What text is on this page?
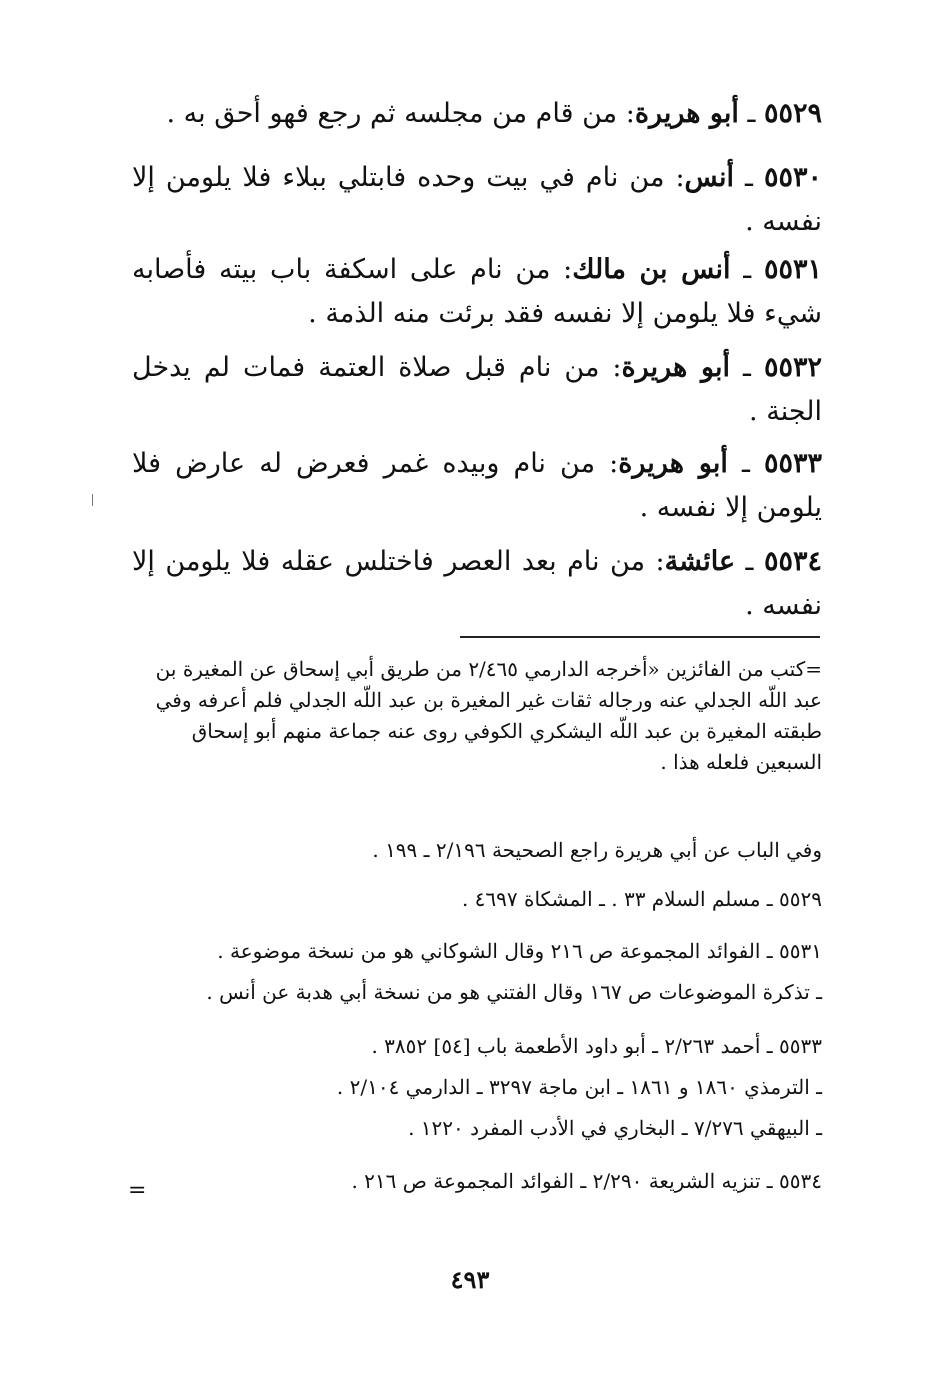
٥٥٢٩ ـ أبو هريرة: من قام من مجلسه ثم رجع فهو أحق به .
٥٥٣٠ ـ أنس: من نام في بيت وحده فابتلي ببلاء فلا يلومن إلا نفسه .
٥٥٣١ ـ أنس بن مالك: من نام على اسكفة باب بيته فأصابه شيء فلا يلومن إلا نفسه فقد برئت منه الذمة .
٥٥٣٢ ـ أبو هريرة: من نام قبل صلاة العتمة فمات لم يدخل الجنة .
٥٥٣٣ ـ أبو هريرة: من نام وبيده غمر فعرض له عارض فلا يلومن إلا نفسه .
٥٥٣٤ ـ عائشة: من نام بعد العصر فاختلس عقله فلا يلومن إلا نفسه .
=كتب من الفائزين «أخرجه الدارمي ٢/٤٦٥ من طريق أبي إسحاق عن المغيرة بن عبد اللّه الجدلي عنه ورجاله ثقات غير المغيرة بن عبد اللّه الجدلي فلم أعرفه وفي طبقته المغيرة بن عبد اللّه اليشكري الكوفي روى عنه جماعة منهم أبو إسحاق السبعين فلعله هذا .
وفي الباب عن أبي هريرة راجع الصحيحة ٢/١٩٦ ـ ١٩٩ .
٥٥٢٩ ـ مسلم السلام ٣٣ . ـ المشكاة ٤٦٩٧ .
٥٥٣١ ـ الفوائد المجموعة ص ٢١٦ وقال الشوكاني هو من نسخة موضوعة .
ـ تذكرة الموضوعات ص ١٦٧ وقال الفتني هو من نسخة أبي هدبة عن أنس .
٥٥٣٣ ـ أحمد ٢/٢٦٣ ـ أبو داود الأطعمة باب [٥٤] ٣٨٥٢ .
ـ الترمذي ١٨٦٠ و ١٨٦١ ـ ابن ماجة ٣٢٩٧ ـ الدارمي ٢/١٠٤ .
ـ البيهقي ٧/٢٧٦ ـ البخاري في الأدب المفرد ١٢٢٠ .
٥٥٣٤ ـ تنزيه الشريعة ٢/٢٩٠ ـ الفوائد المجموعة ص ٢١٦ .
=
٤٩٣
